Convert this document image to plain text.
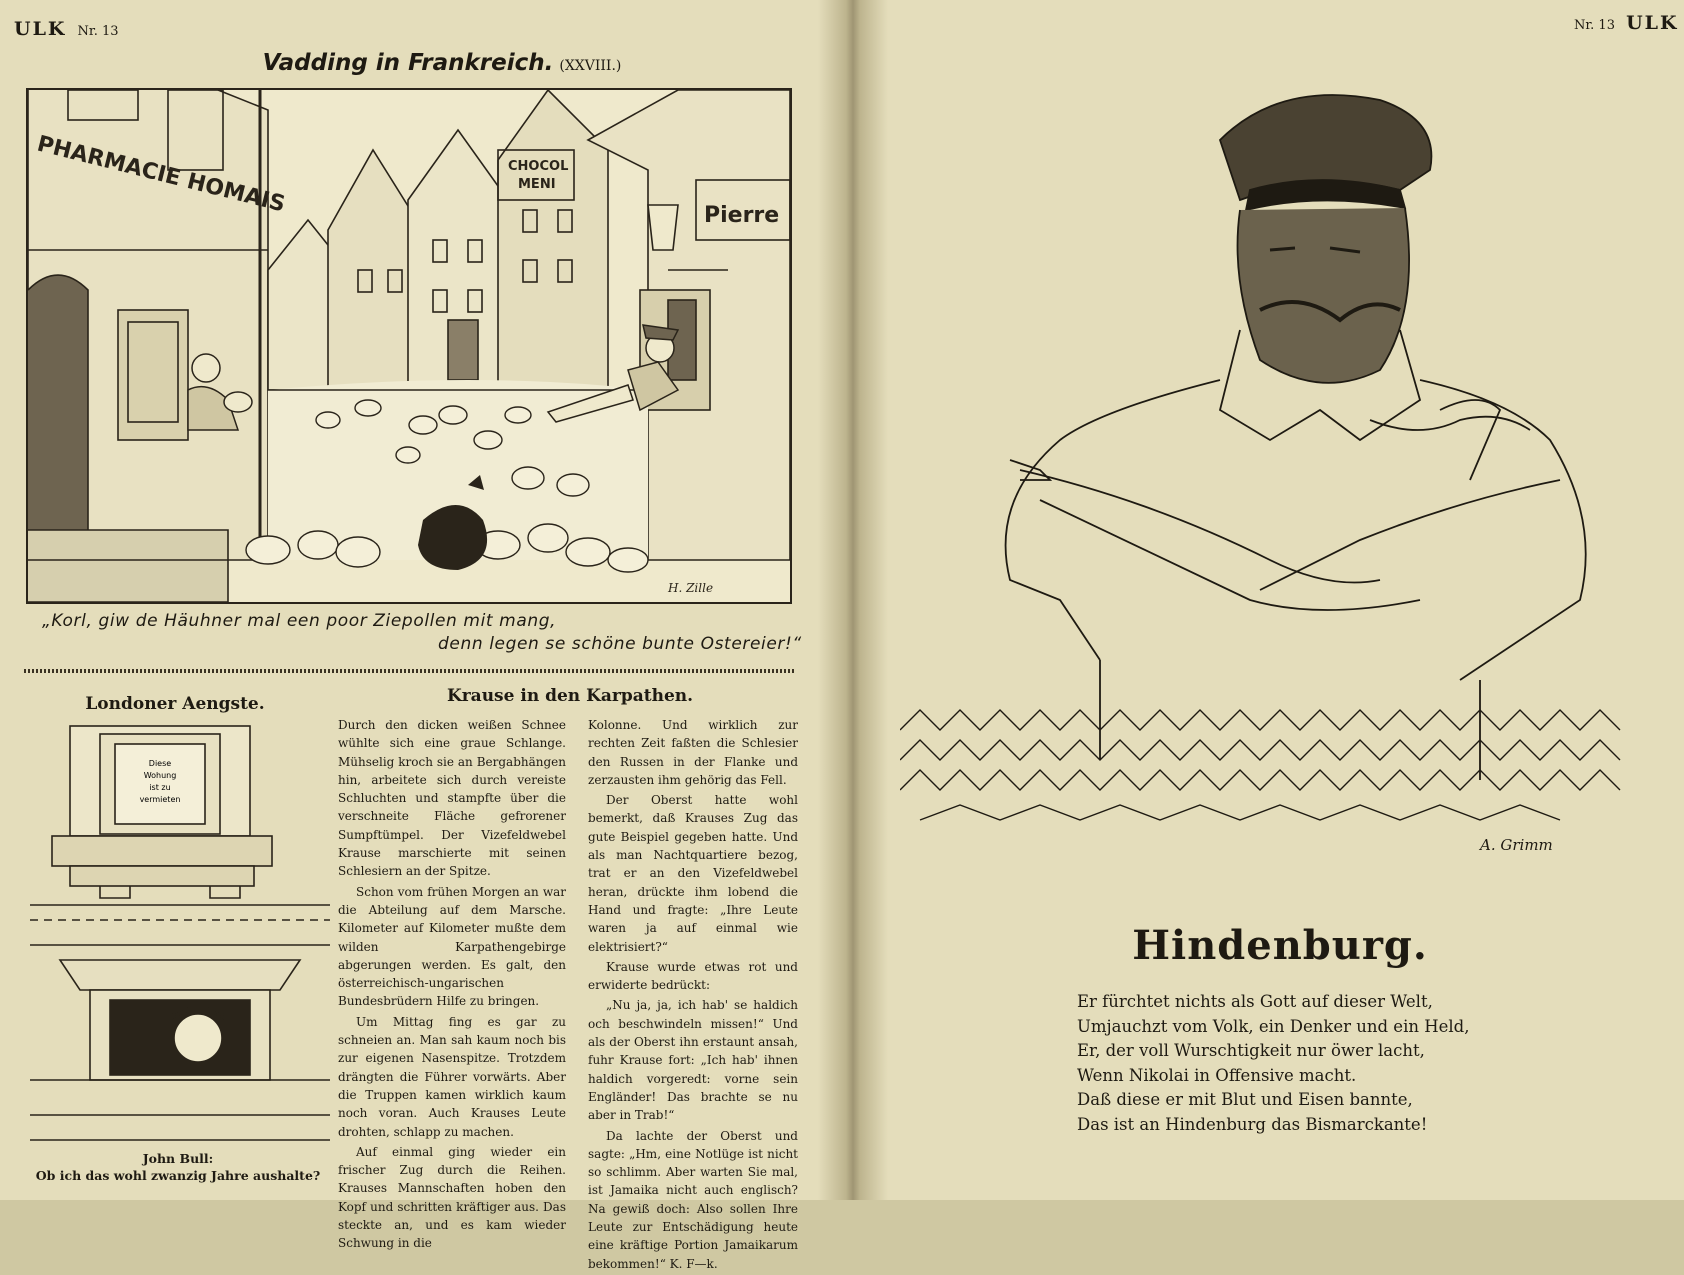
ULK Nr. 13
Vadding in Frankreich. (XXVIII.)
PHARMACIE HOMAIS	CHOCOL
MENI
Pierre
H. Zille
„Korl, giw de Häuhner mal een poor Ziepollen mit mang,
denn legen se schöne bunte Ostereier!“
Londoner Aengste.
Diese
Wohung
ist zu
vermieten
John Bull:
Ob ich das wohl zwanzig Jahre aushalte?
Krause in den Karpathen.

Durch den dicken weißen Schnee wühlte sich eine graue Schlange. Mühselig kroch sie an Bergabhängen hin, arbeitete sich durch vereiste Schluchten und stampfte über die verschneite Fläche gefrorener Sumpftümpel. Der Vizefeldwebel Krause marschierte mit seinen Schlesiern an der Spitze.

Schon vom frühen Morgen an war die Abteilung auf dem Marsche. Kilometer auf Kilometer mußte dem wilden Karpathengebirge abgerungen werden. Es galt, den österreichisch-ungarischen Bundesbrüdern Hilfe zu bringen.

Um Mittag fing es gar zu schneien an. Man sah kaum noch bis zur eigenen Nasenspitze. Trotzdem drängten die Führer vorwärts. Aber die Truppen kamen wirklich kaum noch voran. Auch Krauses Leute drohten, schlapp zu machen.

Auf einmal ging wieder ein frischer Zug durch die Reihen. Krauses Mannschaften hoben den Kopf und schritten kräftiger aus. Das steckte an, und es kam wieder Schwung in die

Kolonne. Und wirklich zur rechten Zeit faßten die Schlesier den Russen in der Flanke und zerzausten ihm gehörig das Fell.

Der Oberst hatte wohl bemerkt, daß Krauses Zug das gute Beispiel gegeben hatte. Und als man Nachtquartiere bezog, trat er an den Vizefeldwebel heran, drückte ihm lobend die Hand und fragte: „Ihre Leute waren ja auf einmal wie elektrisiert?“

Krause wurde etwas rot und erwiderte bedrückt:

„Nu ja, ja, ich hab' se haldich och beschwindeln missen!“ Und als der Oberst ihn erstaunt ansah, fuhr Krause fort: „Ich hab' ihnen haldich vorgeredt: vorne sein Engländer! Das brachte se nu aber in Trab!“

Da lachte der Oberst und sagte: „Hm, eine Notlüge ist nicht so schlimm. Aber warten Sie mal, ist Jamaika nicht auch englisch? Na gewiß doch: Also sollen Ihre Leute zur Entschädigung heute eine kräftige Portion Jamaikarum bekommen!“ K. F—k.

Nr. 13 ULK
A. Grimm
Hindenburg.
Er fürchtet nichts als Gott auf dieser Welt,
Umjauchzt vom Volk, ein Denker und ein Held,
Er, der voll Wurschtigkeit nur öwer lacht,
Wenn Nikolai in Offensive macht.
Daß diese er mit Blut und Eisen bannte,
Das ist an Hindenburg das Bismarckante!
